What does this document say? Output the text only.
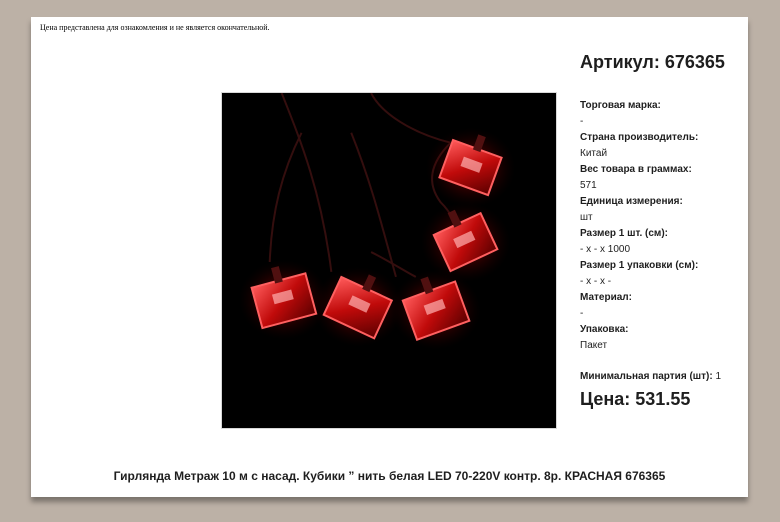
Цена представлена для ознакомления и не является окончательной.
Артикул: 676365
Торговая марка:
-
Страна производитель:
Китай
Вес товара в граммах:
571
Единица измерения:
шт
Размер 1 шт. (см):
- x - x 1000
Размер 1 упаковки (см):
- x - x -
Материал:
-
Упаковка:
Пакет
Минимальная партия (шт): 1
Цена: 531.55
Гирлянда Метраж 10 м с насад. Кубики ” нить белая LED 70-220V контр. 8р. КРАСНАЯ 676365
